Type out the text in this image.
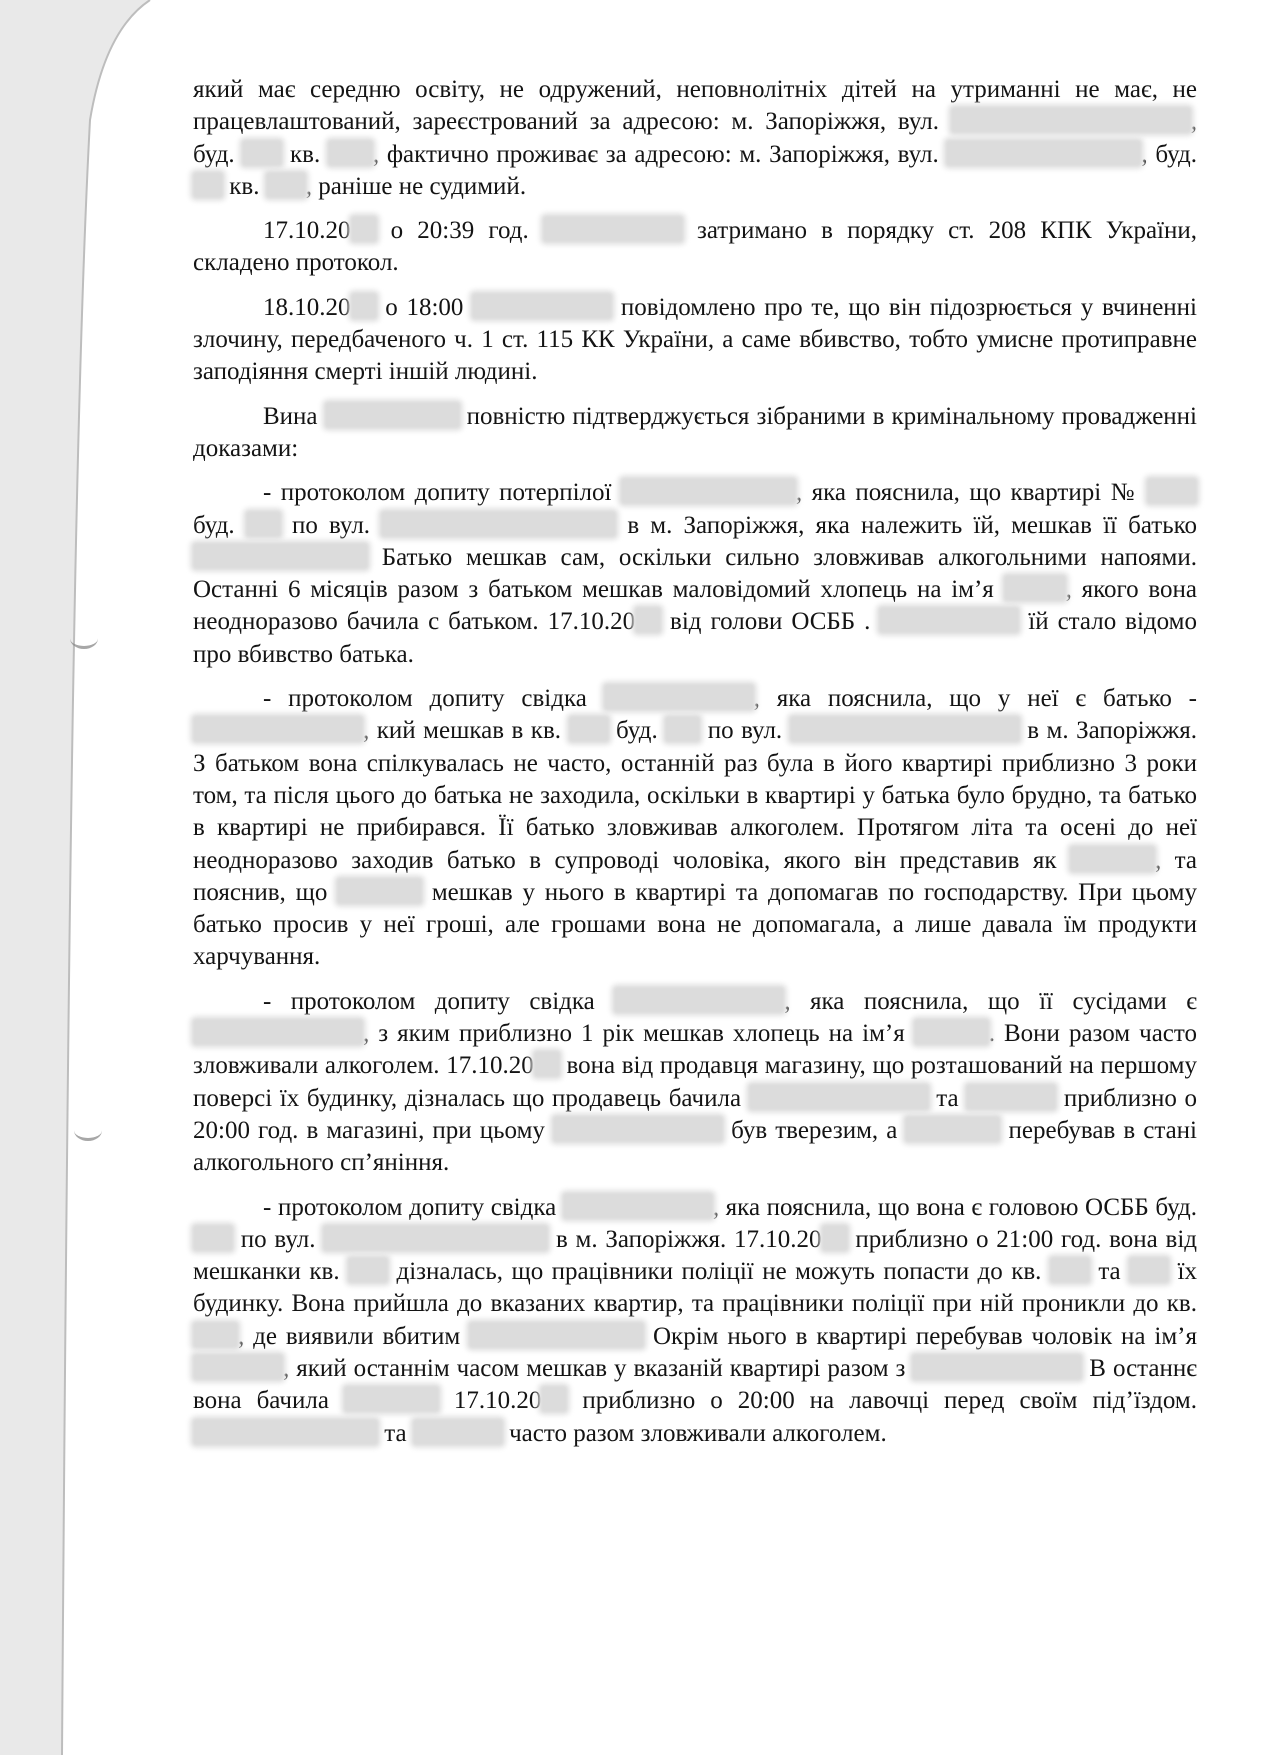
який має середню освіту, не одружений, неповнолітніх дітей на утриманні не має, не працевлаштований, зареєстрований за адресою: м. Запоріжжя, вул.	, буд.  кв. , фактично проживає за адресою: м. Запоріжжя, вул.	, буд.  кв. , раніше не судимий.

17.10.20 о 20:39 год.	затримано в порядку ст. 208 КПК України, складено протокол.

18.10.20 о 18:00	повідомлено про те, що він підозрюється у вчиненні злочину, передбаченого ч. 1 ст. 115 КК України, а саме вбивство, тобто умисне протиправне заподіяння смерті іншій людині.

Вина	повністю підтверджується зібраними в кримінальному провадженні доказами:

- протоколом допиту потерпілої	, яка пояснила, що квартирі №  буд.  по вул.	в м. Запоріжжя, яка належить їй, мешкав її батько  Батько мешкав сам, оскільки сильно зловживав алкогольними напоями. Останні 6 місяців разом з батьком мешкав маловідомий хлопець на ім’я , якого вона неодноразово бачила с батьком. 17.10.20 від голови ОСББ .	їй стало відомо про вбивство батька.

- протоколом допиту свідка	, яка пояснила, що у неї є батько - , кий мешкав в кв.  буд.  по вул.	в м. Запоріжжя. З батьком вона спілкувалась не часто, останній раз була в його квартирі приблизно 3 роки том, та після цього до батька не заходила, оскільки в квартирі у батька було брудно, та батько в квартирі не прибирався. Її батько зловживав алкоголем. Протягом літа та осені до неї неодноразово заходив батько в супроводі чоловіка, якого він представив як	, та пояснив, що	мешкав у нього в квартирі та допомагав по господарству. При цьому батько просив у неї гроші, але грошами вона не допомагала, а лише давала їм продукти харчування.

- протоколом допиту свідка	, яка пояснила, що її сусідами є , з яким приблизно 1 рік мешкав хлопець на ім’я	. Вони разом часто зловживали алкоголем. 17.10.20 вона від продавця магазину, що розташований на першому поверсі їх будинку, дізналась що продавець бачила	та	приблизно о 20:00 год. в магазині, при цьому	був тверезим, а	перебував в стані алкогольного сп’яніння.

- протоколом допиту свідка	, яка пояснила, що вона є головою ОСББ буд.  по вул.	в м. Запоріжжя. 17.10.20 приблизно о 21:00 год. вона від мешканки кв.  дізналась, що працівники поліції не можуть попасти до кв.  та  їх будинку. Вона прийшла до вказаних квартир, та працівники поліції при ній проникли до кв. , де виявили вбитим	Окрім нього в квартирі перебував чоловік на ім’я , який останнім часом мешкав у вказаній квартирі разом з	В останнє вона бачила	17.10.20 приблизно о 20:00 на лавочці перед своїм під’їздом.  та	часто разом зловживали алкоголем.
